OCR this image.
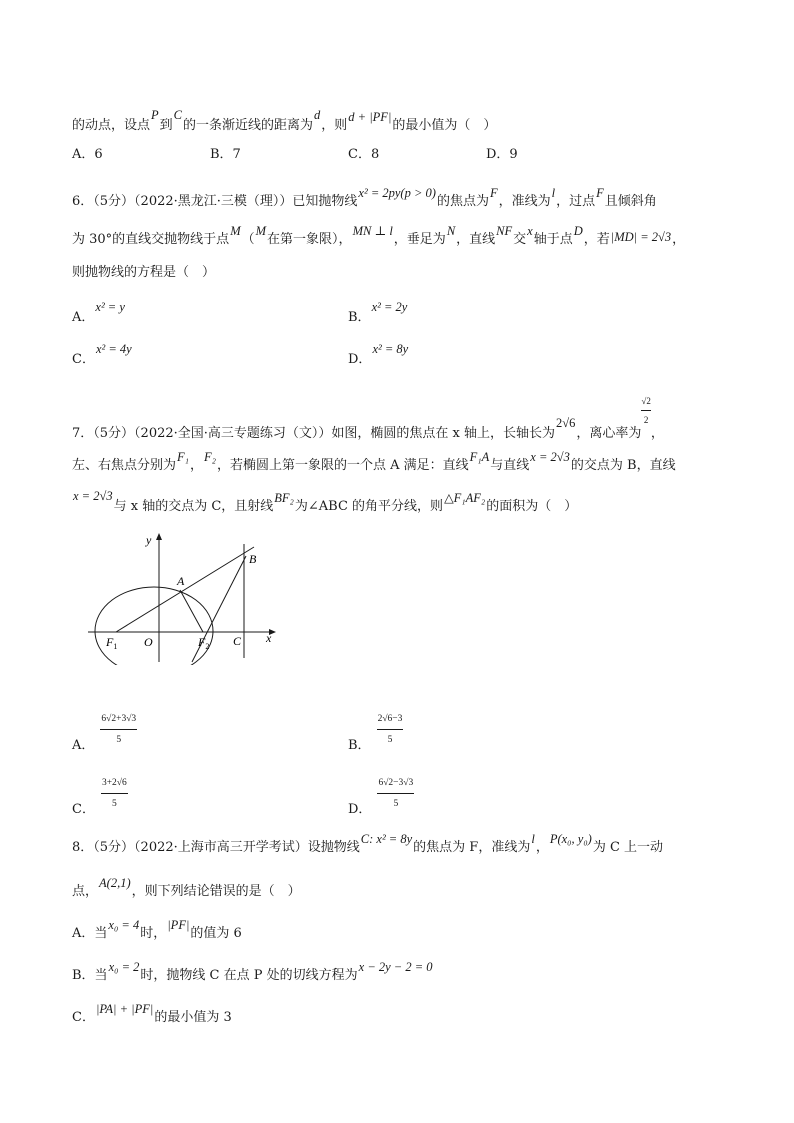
的动点，设点P到C的一条渐近线的距离为d，则d + |PF|的最小值为（　）
A．6	B．7	C．8	D．9
6．（5分）（2022·黑龙江·三模（理））已知抛物线x² = 2py(p > 0)的焦点为F，准线为l，过点F且倾斜角
为 30°的直线交抛物线于点M（M在第一象限），MN ⊥ l，垂足为N，直线NF交x轴于点D，若|MD| = 2√3，
则抛物线的方程是（　）
A．x² = y
B．x² = 2y
C．x² = 4y
D．x² = 8y
7．（5分）（2022·全国·高三专题练习（文））如图，椭圆的焦点在 x 轴上，长轴长为2√6，离心率为
$\frac{√2}{2}$，
左、右焦点分别为F₁，F₂，若椭圆上第一象限的一个点 A 满足：直线F₁A与直线x = 2√3的交点为 B，直线
x = 2√3与 x 轴的交点为 C，且射线BF₂为∠ABC 的角平分线，则△F₁AF₂的面积为（　）
y
x
O
A
B
C
$F_1$	$F_2$
A． $\frac{6√2+3√3}{5}$	B． $\frac{2√6-3}{5}$
C． $\frac{3+2√6}{5}$	D． $\frac{6√2-3√3}{5}$
8．（5分）（2022·上海市高三开学考试）设抛物线C: x² = 8y的焦点为 F，准线为l，P(x₀, y₀)为 C 上一动
点，A(2,1)，则下列结论错误的是（　）
A．当x₀ = 4时，|PF|的值为 6
B．当x₀ = 2时，抛物线 C 在点 P 处的切线方程为x − 2y − 2 = 0
C．|PA| + |PF|的最小值为 3
